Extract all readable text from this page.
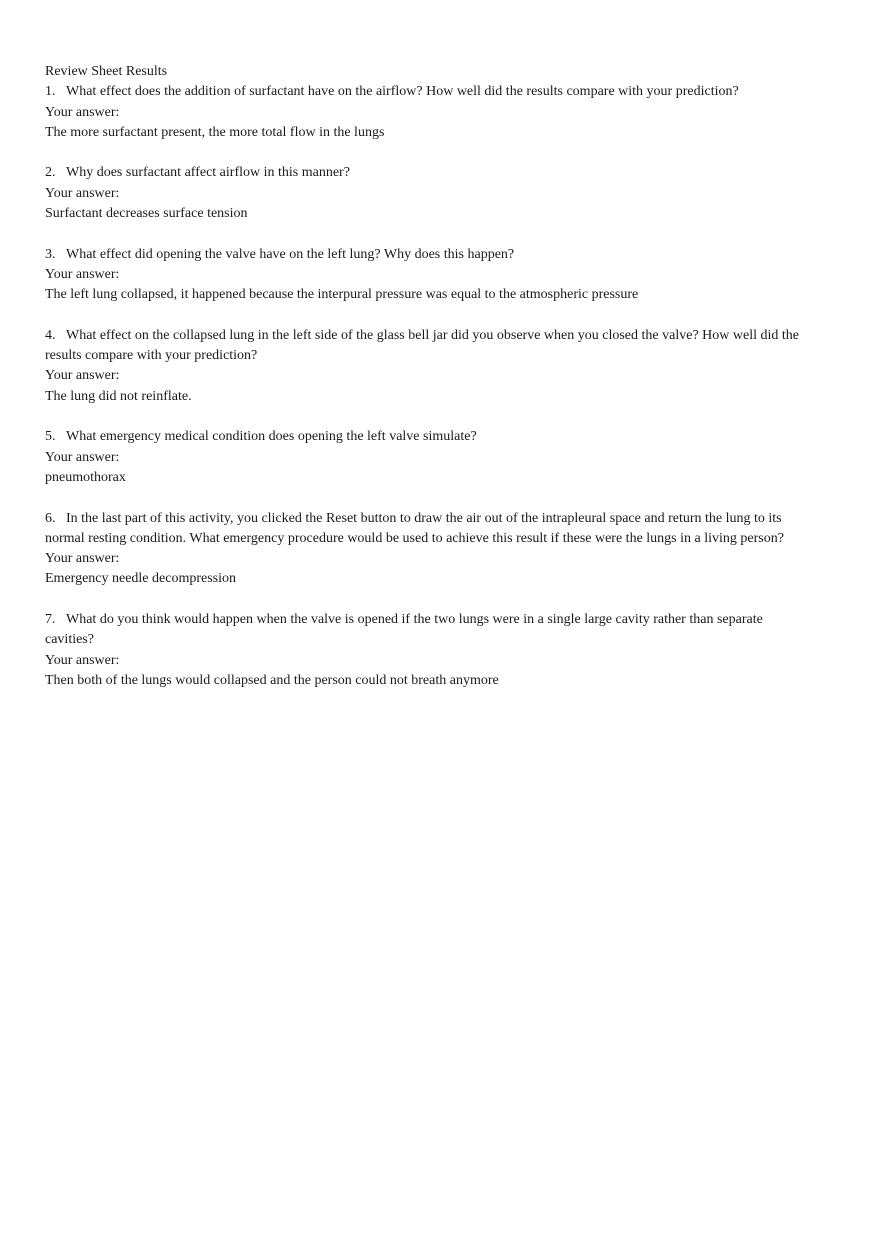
Review Sheet Results
1. What effect does the addition of surfactant have on the airflow? How well did the results compare with your prediction?
Your answer:
The more surfactant present, the more total flow in the lungs
2. Why does surfactant affect airflow in this manner?
Your answer:
Surfactant decreases surface tension
3. What effect did opening the valve have on the left lung? Why does this happen?
Your answer:
The left lung collapsed, it happened because the interpural pressure was equal to the atmospheric pressure
4. What effect on the collapsed lung in the left side of the glass bell jar did you observe when you closed the valve? How well did the results compare with your prediction?
Your answer:
The lung did not reinflate.
5. What emergency medical condition does opening the left valve simulate?
Your answer:
pneumothorax
6. In the last part of this activity, you clicked the Reset button to draw the air out of the intrapleural space and return the lung to its normal resting condition. What emergency procedure would be used to achieve this result if these were the lungs in a living person?
Your answer:
Emergency needle decompression
7. What do you think would happen when the valve is opened if the two lungs were in a single large cavity rather than separate cavities?
Your answer:
Then both of the lungs would collapsed and the person could not breath anymore
